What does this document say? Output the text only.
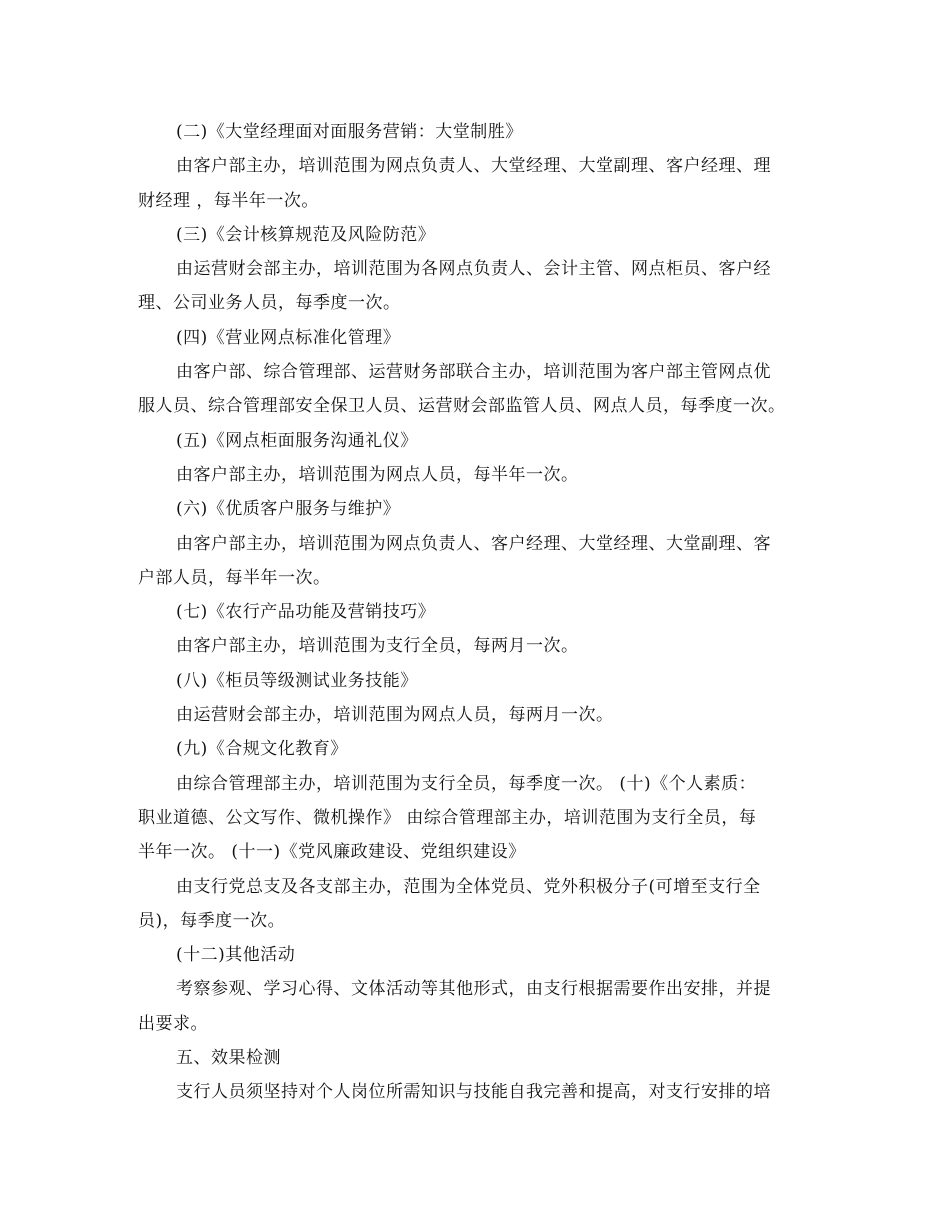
(二)《大堂经理面对面服务营销：大堂制胜》
由客户部主办，培训范围为网点负责人、大堂经理、大堂副理、客户经理、理
财经理 ，每半年一次。
(三)《会计核算规范及风险防范》
由运营财会部主办，培训范围为各网点负责人、会计主管、网点柜员、客户经
理、公司业务人员，每季度一次。
(四)《营业网点标准化管理》
由客户部、综合管理部、运营财务部联合主办，培训范围为客户部主管网点优
服人员、综合管理部安全保卫人员、运营财会部监管人员、网点人员，每季度一次。
(五)《网点柜面服务沟通礼仪》
由客户部主办，培训范围为网点人员，每半年一次。
(六)《优质客户服务与维护》
由客户部主办，培训范围为网点负责人、客户经理、大堂经理、大堂副理、客
户部人员，每半年一次。
(七)《农行产品功能及营销技巧》
由客户部主办，培训范围为支行全员，每两月一次。
(八)《柜员等级测试业务技能》
由运营财会部主办，培训范围为网点人员，每两月一次。
(九)《合规文化教育》
由综合管理部主办，培训范围为支行全员，每季度一次。 (十)《个人素质：
职业道德、公文写作、微机操作》 由综合管理部主办，培训范围为支行全员，每
半年一次。 (十一)《党风廉政建设、党组织建设》
由支行党总支及各支部主办，范围为全体党员、党外积极分子(可增至支行全
员)，每季度一次。
(十二)其他活动
考察参观、学习心得、文体活动等其他形式，由支行根据需要作出安排，并提
出要求。
五、效果检测
支行人员须坚持对个人岗位所需知识与技能自我完善和提高，对支行安排的培
